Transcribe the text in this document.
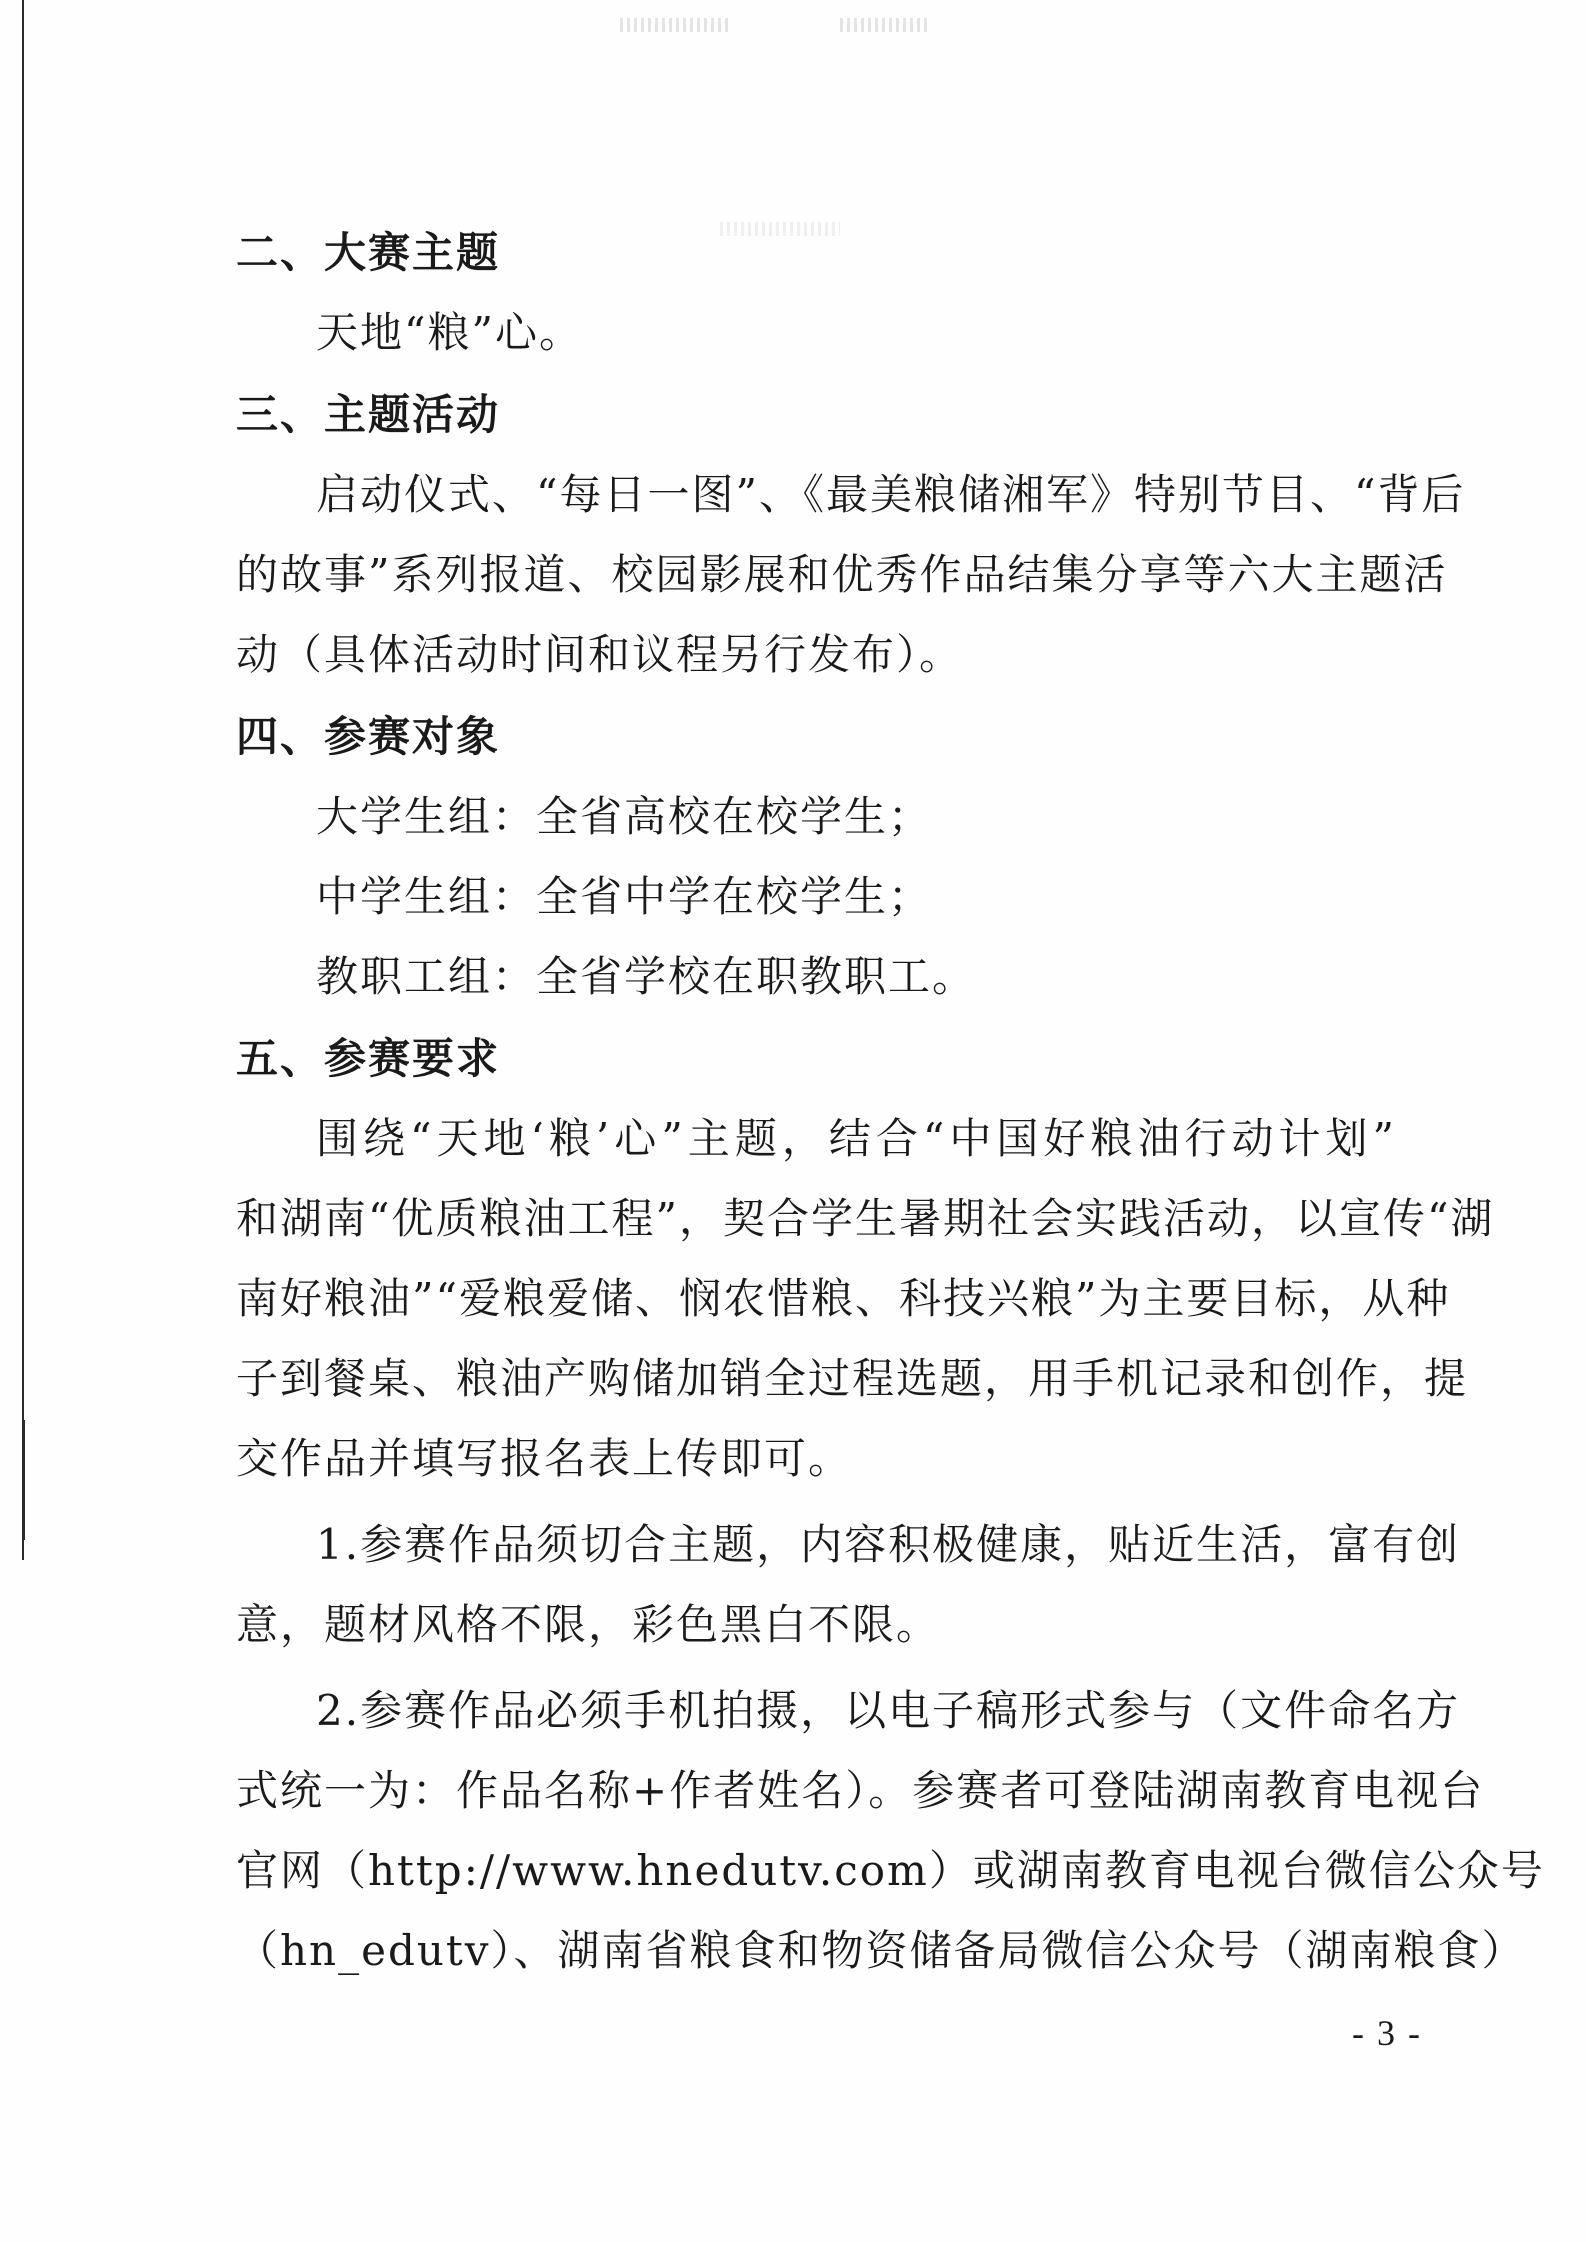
二、大赛主题
天地“粮”心。
三、主题活动
启动仪式、“每日一图”、《最美粮储湘军》特别节目、“背后
的故事”系列报道、校园影展和优秀作品结集分享等六大主题活
动（具体活动时间和议程另行发布）。
四、参赛对象
大学生组：全省高校在校学生；
中学生组：全省中学在校学生；
教职工组：全省学校在职教职工。
五、参赛要求
围绕“天地‘粮’心”主题，结合“中国好粮油行动计划”
和湖南“优质粮油工程”，契合学生暑期社会实践活动，以宣传“湖
南好粮油”“爱粮爱储、悯农惜粮、科技兴粮”为主要目标，从种
子到餐桌、粮油产购储加销全过程选题，用手机记录和创作，提
交作品并填写报名表上传即可。
1.参赛作品须切合主题，内容积极健康，贴近生活，富有创
意，题材风格不限，彩色黑白不限。
2.参赛作品必须手机拍摄，以电子稿形式参与（文件命名方
式统一为：作品名称+作者姓名）。参赛者可登陆湖南教育电视台
官网（http://www.hnedutv.com）或湖南教育电视台微信公众号
（hn_edutv）、湖南省粮食和物资储备局微信公众号（湖南粮食）
- 3 -
